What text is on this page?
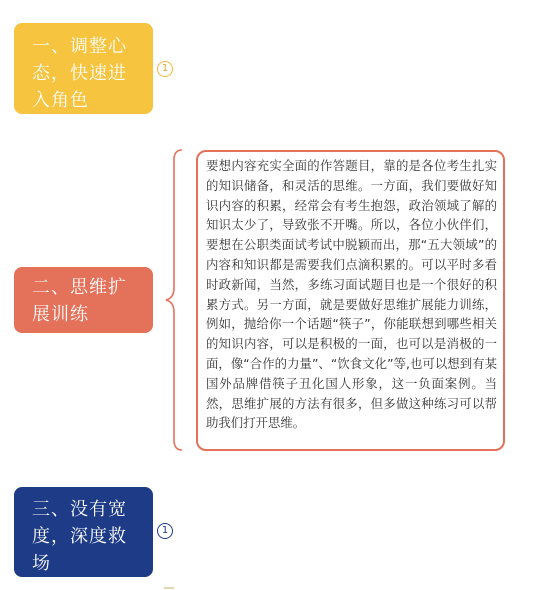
一、调整心态，快速进入角色
1
二、思维扩展训练
要想内容充实全面的作答题目，靠的是各位考生扎实的知识储备，和灵活的思维。一方面，我们要做好知识内容的积累，经常会有考生抱怨，政治领域了解的知识太少了，导致张不开嘴。所以，各位小伙伴们，要想在公职类面试考试中脱颖而出，那“五大领域”的内容和知识都是需要我们点滴积累的。可以平时多看时政新闻，当然，多练习面试题目也是一个很好的积累方式。另一方面，就是要做好思维扩展能力训练，例如，抛给你一个话题“筷子”，你能联想到哪些相关的知识内容，可以是积极的一面，也可以是消极的一面，像“合作的力量”、“饮食文化”等,也可以想到有某国外品牌借筷子丑化国人形象，这一负面案例。当然，思维扩展的方法有很多，但多做这种练习可以帮助我们打开思维。
三、没有宽度，深度救场
1
